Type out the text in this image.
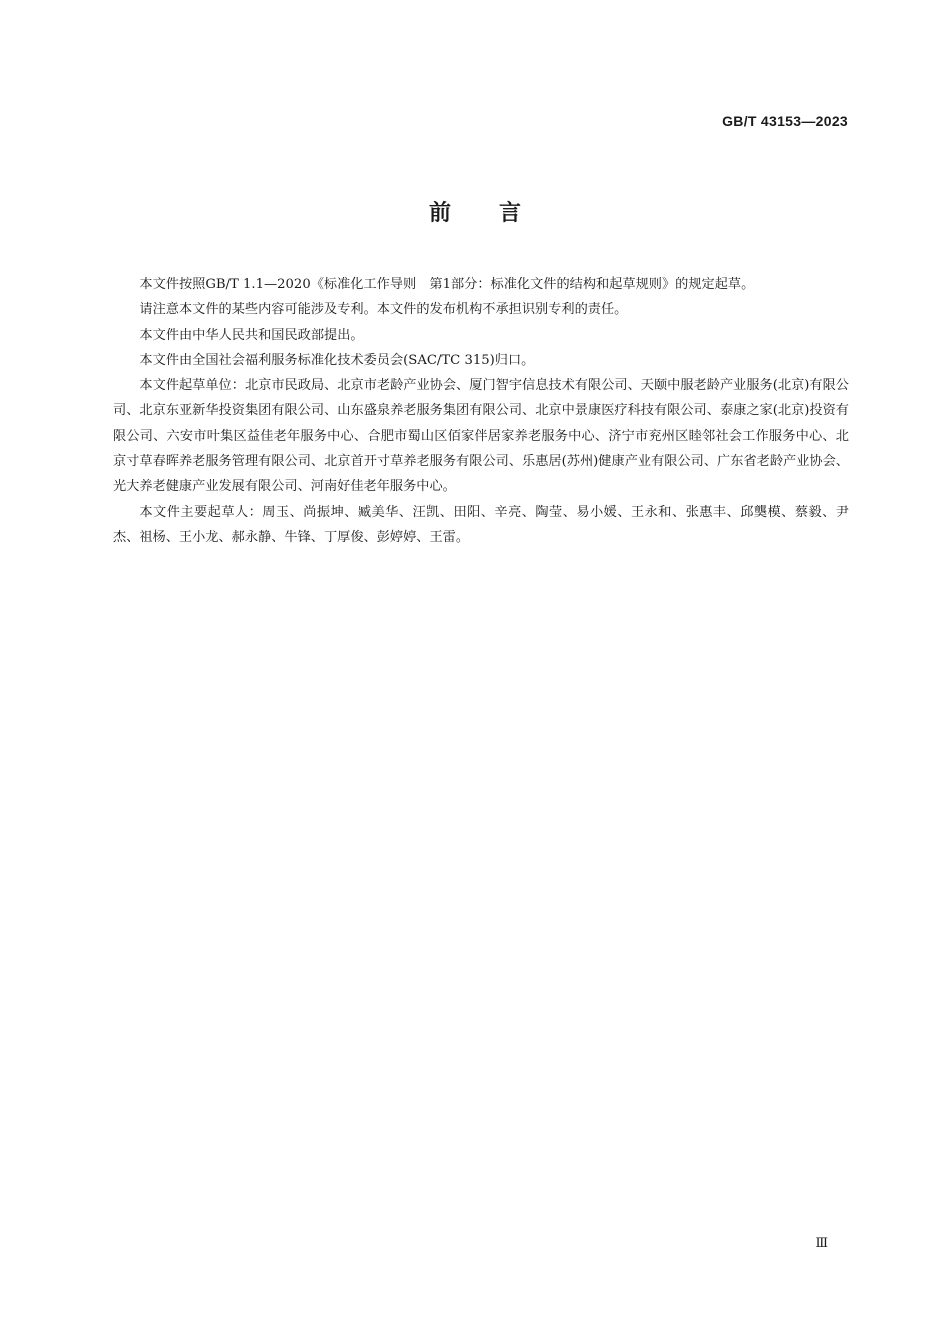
GB/T 43153—2023
前言

本文件按照GB/T 1.1—2020《标准化工作导则　第1部分：标准化文件的结构和起草规则》的规定起草。

请注意本文件的某些内容可能涉及专利。本文件的发布机构不承担识别专利的责任。

本文件由中华人民共和国民政部提出。

本文件由全国社会福利服务标准化技术委员会(SAC/TC 315)归口。

本文件起草单位：北京市民政局、北京市老龄产业协会、厦门智宇信息技术有限公司、天颐中服老龄产业服务(北京)有限公司、北京东亚新华投资集团有限公司、山东盛泉养老服务集团有限公司、北京中景康医疗科技有限公司、泰康之家(北京)投资有限公司、六安市叶集区益佳老年服务中心、合肥市蜀山区佰家伴居家养老服务中心、济宁市兖州区睦邻社会工作服务中心、北京寸草春晖养老服务管理有限公司、北京首开寸草养老服务有限公司、乐惠居(苏州)健康产业有限公司、广东省老龄产业协会、光大养老健康产业发展有限公司、河南好佳老年服务中心。

本文件主要起草人：周玉、尚振坤、臧美华、汪凯、田阳、辛亮、陶莹、易小媛、王永和、张惠丰、邱龑模、蔡毅、尹杰、祖杨、王小龙、郝永静、牛锋、丁厚俊、彭婷婷、王雷。

Ⅲ
